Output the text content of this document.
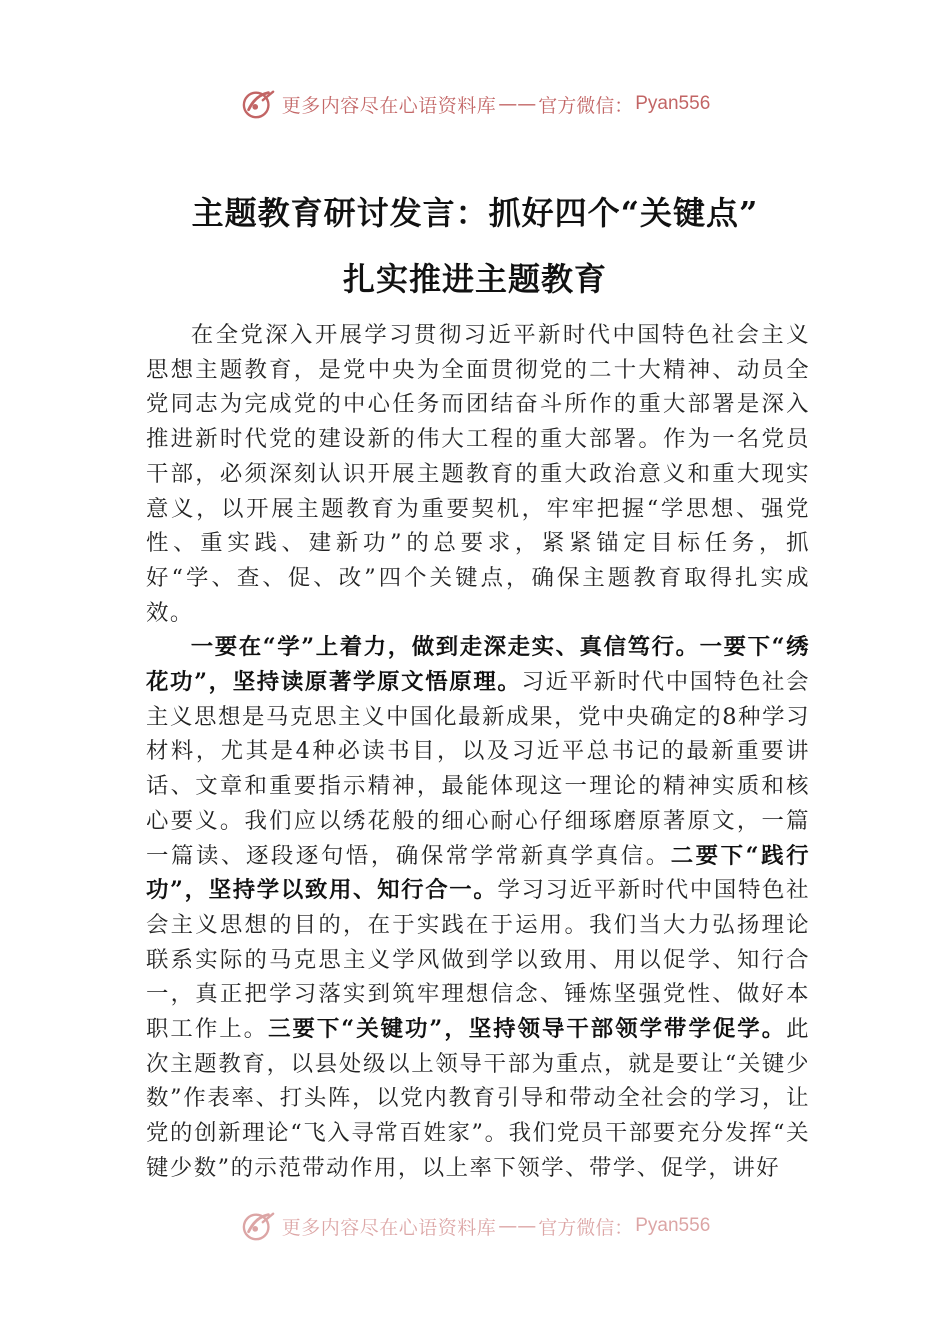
更多内容尽在心语资料库 —— 官方微信： Pyan556
主题教育研讨发言：抓好四个“关键点”
扎实推进主题教育

在全党深入开展学习贯彻习近平新时代中国特色社会主义思想主题教育，是党中央为全面贯彻党的二十大精神、动员全党同志为完成党的中心任务而团结奋斗所作的重大部署是深入推进新时代党的建设新的伟大工程的重大部署。作为一名党员干部，必须深刻认识开展主题教育的重大政治意义和重大现实意义，以开展主题教育为重要契机，牢牢把握“学思想、强党性、重实践、建新功”的总要求，紧紧锚定目标任务，抓好“学、查、促、改”四个关键点，确保主题教育取得扎实成效。

一要在“学”上着力，做到走深走实、真信笃行。一要下“绣花功”，坚持读原著学原文悟原理。习近平新时代中国特色社会主义思想是马克思主义中国化最新成果，党中央确定的8种学习材料，尤其是4种必读书目，以及习近平总书记的最新重要讲话、文章和重要指示精神，最能体现这一理论的精神实质和核心要义。我们应以绣花般的细心耐心仔细琢磨原著原文，一篇一篇读、逐段逐句悟，确保常学常新真学真信。二要下“践行功”，坚持学以致用、知行合一。学习习近平新时代中国特色社会主义思想的目的，在于实践在于运用。我们当大力弘扬理论联系实际的马克思主义学风做到学以致用、用以促学、知行合一，真正把学习落实到筑牢理想信念、锤炼坚强党性、做好本职工作上。三要下“关键功”，坚持领导干部领学带学促学。此次主题教育，以县处级以上领导干部为重点，就是要让“关键少数”作表率、打头阵，以党内教育引导和带动全社会的学习，让党的创新理论“飞入寻常百姓家”。我们党员干部要充分发挥“关键少数”的示范带动作用，以上率下领学、带学、促学，讲好

更多内容尽在心语资料库 —— 官方微信： Pyan556
